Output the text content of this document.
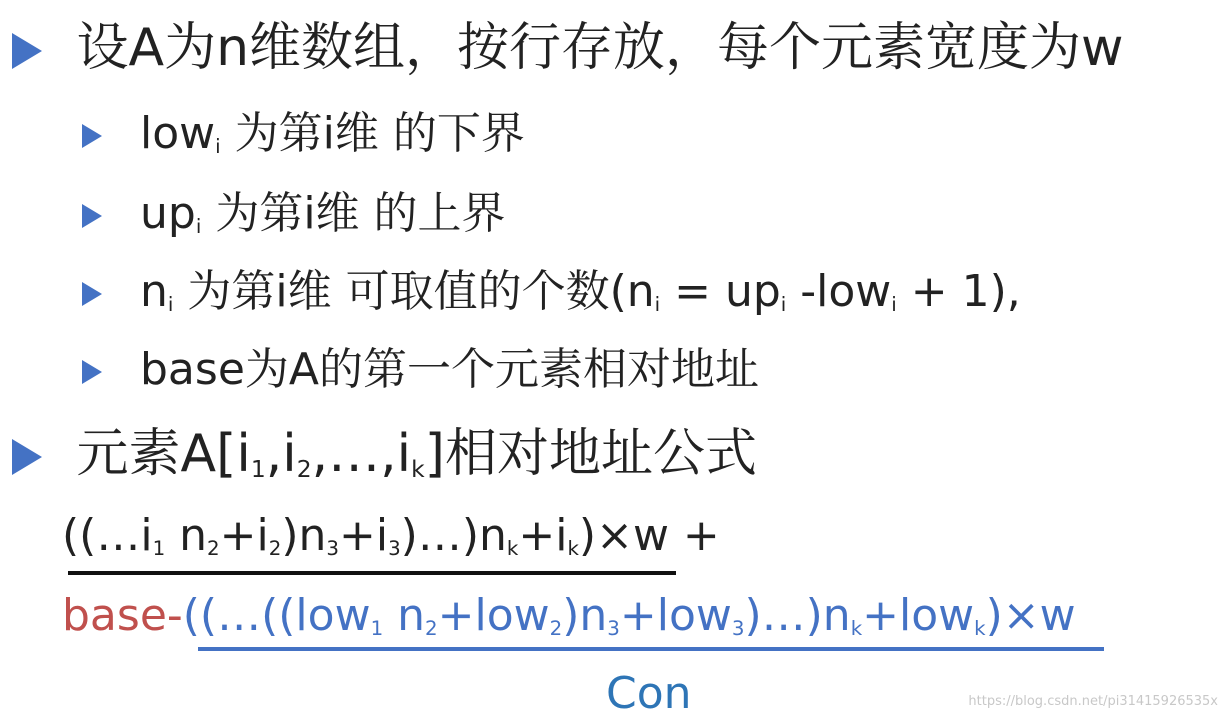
设A为n维数组，按行存放，每个元素宽度为w
low$_i$ 为第i维 的下界
$up_i$ 为第i维 的上界
$n_i$ 为第i维 可取值的个数($n_i = up_i$ -low$_i$ + 1),
base为A的第一个元素相对地址
元素$A[i_1,i_2,\dots,i_k]$相对地址公式
(($\dots i_1$ $n_2+i_2)n_3+i_3)\dots)n_k+i_k)\times w$ +
base-((…((low$_1$ $n_2+low_2)n_3+low_3)\dots)n_k+low_k)\times w$
Con	https://blog.csdn.net/pi31415926535x
